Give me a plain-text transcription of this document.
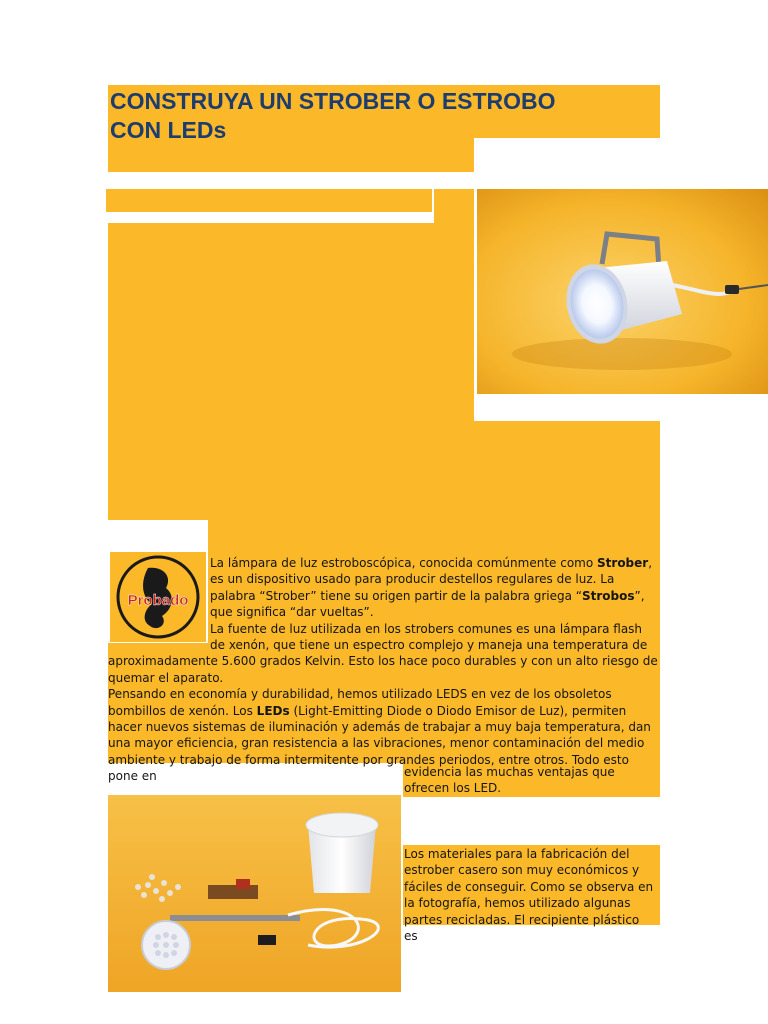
CONSTRUYA UN STROBER O ESTROBO
CON LEDs
Probado

La lámpara de luz estroboscópica, conocida comúnmente como Strober, es un dispositivo usado para producir destellos regulares de luz. La palabra “Strober” tiene su origen partir de la palabra griega “Strobos”, que significa “dar vueltas”.

La fuente de luz utilizada en los strobers comunes es una lámpara flash de xenón, que tiene un espectro complejo y maneja una temperatura de aproximadamente 5.600 grados Kelvin. Esto los hace poco durables y con un alto riesgo de quemar el aparato.

Pensando en economía y durabilidad, hemos utilizado LEDS en vez de los obsoletos bombillos de xenón. Los LEDs (Light-Emitting Diode o Diodo Emisor de Luz), permiten hacer nuevos sistemas de iluminación y además de trabajar a muy baja temperatura, dan una mayor eficiencia, gran resistencia a las vibraciones, menor contaminación del medio ambiente y trabajo de forma intermitente por grandes periodos, entre otros. Todo esto pone en	evidencia las muchas ventajas que ofrecen los LED.

Los materiales para la fabricación del estrober casero son muy económicos y fáciles de conseguir. Como se observa en la fotografía, hemos utilizado algunas partes recicladas. El recipiente plástico es
